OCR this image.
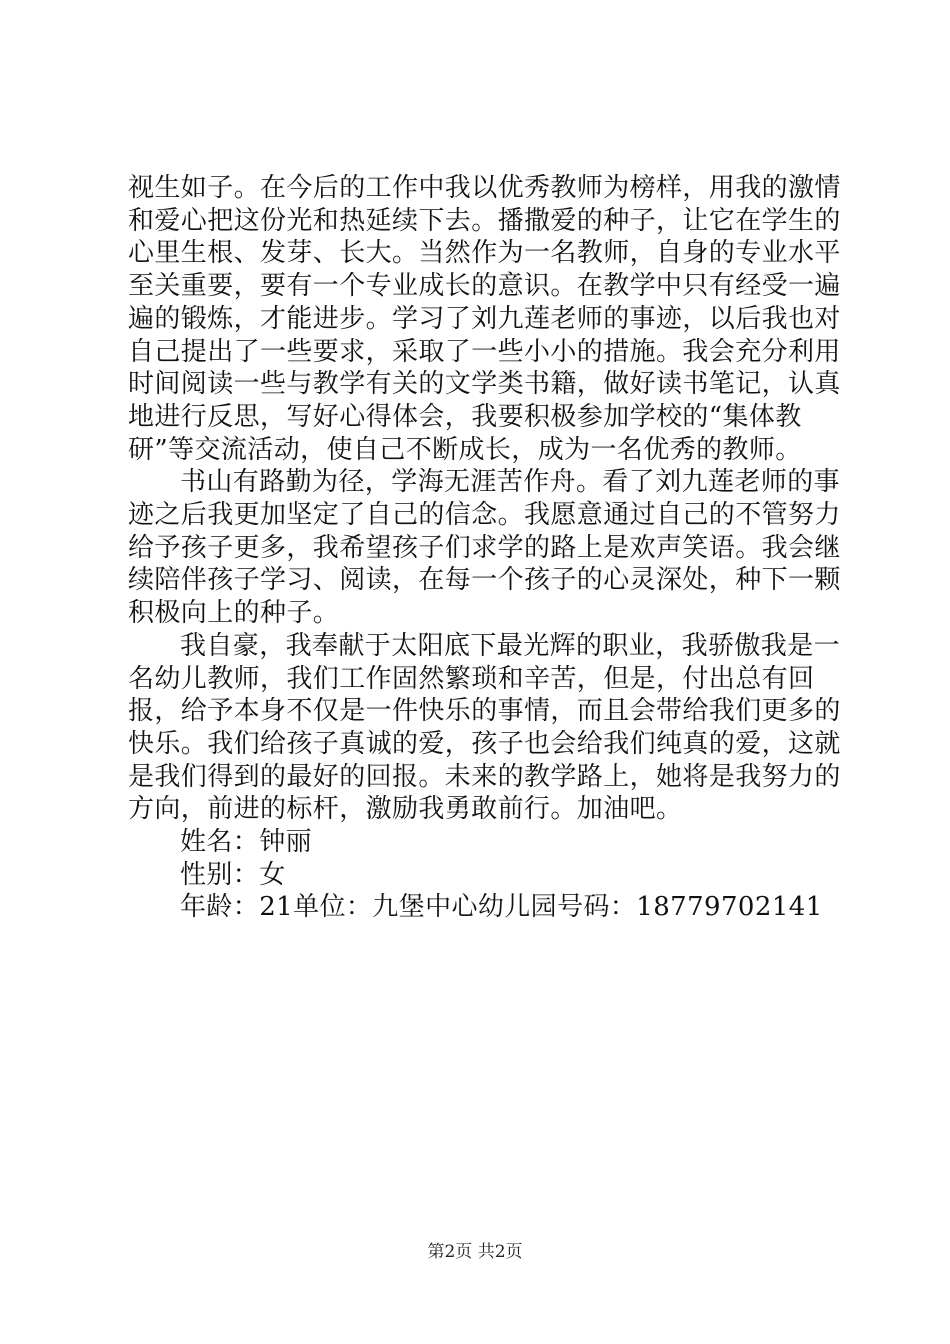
视生如子。在今后的工作中我以优秀教师为榜样，用我的激情和爱心把这份光和热延续下去。播撒爱的种子，让它在学生的心里生根、发芽、长大。当然作为一名教师，自身的专业水平至关重要，要有一个专业成长的意识。在教学中只有经受一遍遍的锻炼，才能进步。学习了刘九莲老师的事迹，以后我也对自己提出了一些要求，采取了一些小小的措施。我会充分利用时间阅读一些与教学有关的文学类书籍，做好读书笔记，认真地进行反思，写好心得体会，我要积极参加学校的“集体教研”等交流活动，使自己不断成长，成为一名优秀的教师。

书山有路勤为径，学海无涯苦作舟。看了刘九莲老师的事迹之后我更加坚定了自己的信念。我愿意通过自己的不管努力给予孩子更多，我希望孩子们求学的路上是欢声笑语。我会继续陪伴孩子学习、阅读，在每一个孩子的心灵深处，种下一颗积极向上的种子。

我自豪，我奉献于太阳底下最光辉的职业，我骄傲我是一名幼儿教师，我们工作固然繁琐和辛苦，但是，付出总有回报，给予本身不仅是一件快乐的事情，而且会带给我们更多的快乐。我们给孩子真诚的爱，孩子也会给我们纯真的爱，这就是我们得到的最好的回报。未来的教学路上，她将是我努力的方向，前进的标杆，激励我勇敢前行。加油吧。

姓名：钟丽

性别：女

年龄：21单位：九堡中心幼儿园号码：18779702141

第2页 共2页
